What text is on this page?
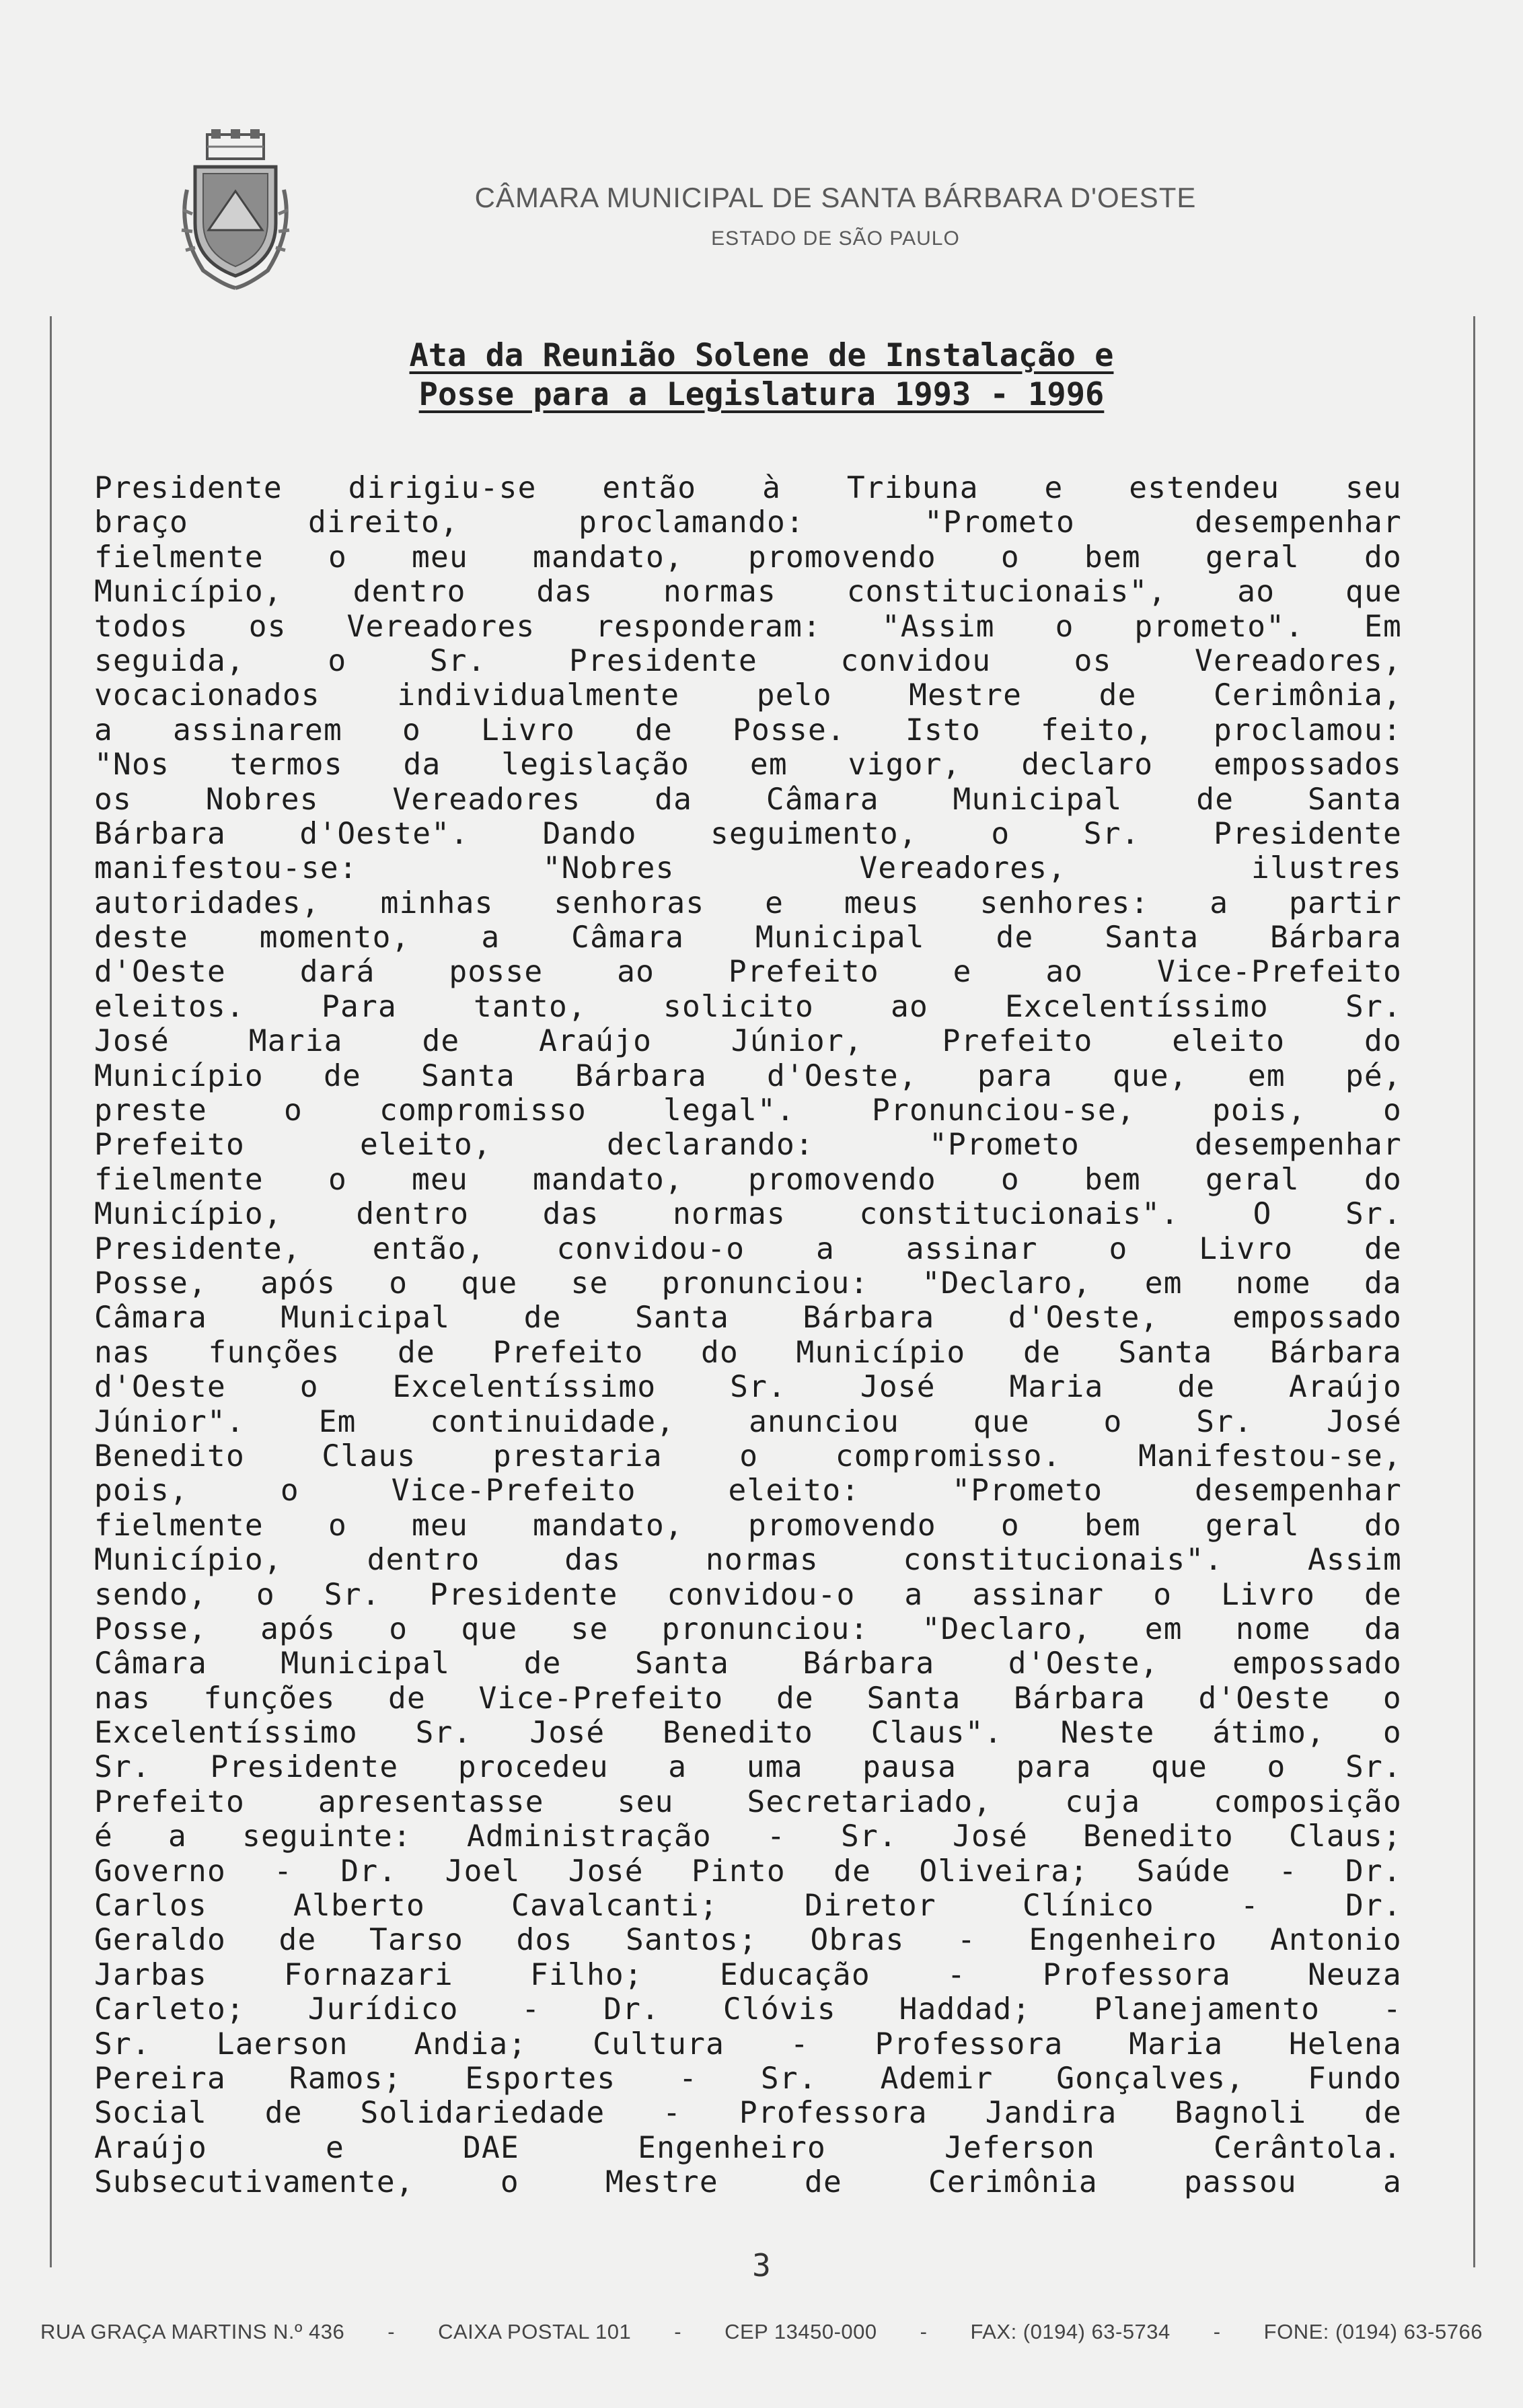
CÂMARA MUNICIPAL DE SANTA BÁRBARA D'OESTE
ESTADO DE SÃO PAULO
Ata da Reunião Solene de Instalação e
Posse para a Legislatura 1993 - 1996
Presidente dirigiu-se então à Tribuna e estendeu seu
braço	direito,	proclamando:	"Prometo	desempenhar
fielmente o meu mandato, promovendo o bem geral do
Município, dentro das normas constitucionais", ao que
todos os Vereadores responderam: "Assim o prometo". Em
seguida,	o	Sr.	Presidente	convidou	os	Vereadores,
vocacionados	individualmente	pelo	Mestre	de	Cerimônia,
a assinarem o Livro de Posse. Isto feito, proclamou:
"Nos termos da legislação em vigor, declaro empossados
os Nobres Vereadores da Câmara Municipal de Santa
Bárbara d'Oeste". Dando seguimento, o Sr. Presidente
manifestou-se:	"Nobres	Vereadores,	ilustres
autoridades, minhas senhoras e meus senhores: a partir
deste momento, a Câmara Municipal de Santa Bárbara
d'Oeste dará posse ao Prefeito e ao Vice-Prefeito
eleitos.	Para	tanto,	solicito	ao	Excelentíssimo	Sr.
José	Maria	de	Araújo	Júnior,	Prefeito	eleito	do
Município de Santa Bárbara d'Oeste, para que, em pé,
preste	o	compromisso	legal".	Pronunciou-se,	pois,	o
Prefeito	eleito,	declarando:	"Prometo	desempenhar
fielmente o meu mandato, promovendo o bem geral do
Município, dentro das normas constitucionais". O Sr.
Presidente, então, convidou-o a assinar o Livro de
Posse, após o que se pronunciou: "Declaro, em nome da
Câmara Municipal de Santa Bárbara d'Oeste, empossado
nas funções de Prefeito do Município de Santa Bárbara
d'Oeste o Excelentíssimo Sr. José Maria de Araújo
Júnior". Em continuidade, anunciou que o Sr. José
Benedito	Claus	prestaria	o	compromisso.	Manifestou-se,
pois,	o	Vice-Prefeito	eleito:	"Prometo	desempenhar
fielmente o meu mandato, promovendo o bem geral do
Município,	dentro	das	normas	constitucionais".	Assim
sendo, o Sr. Presidente convidou-o a assinar o Livro de
Posse, após o que se pronunciou: "Declaro, em nome da
Câmara Municipal de Santa Bárbara d'Oeste, empossado
nas funções de Vice-Prefeito de Santa Bárbara d'Oeste o
Excelentíssimo Sr. José Benedito Claus". Neste átimo, o
Sr. Presidente procedeu a uma pausa para que o Sr.
Prefeito apresentasse seu Secretariado, cuja composição
é a seguinte: Administração - Sr. José Benedito Claus;
Governo - Dr. Joel José Pinto de Oliveira; Saúde - Dr.
Carlos	Alberto	Cavalcanti;	Diretor	Clínico	-	Dr.
Geraldo de Tarso dos Santos; Obras - Engenheiro Antonio
Jarbas	Fornazari	Filho;	Educação	-	Professora	Neuza
Carleto; Jurídico - Dr. Clóvis Haddad; Planejamento -
Sr. Laerson Andia; Cultura - Professora Maria Helena
Pereira Ramos; Esportes - Sr. Ademir Gonçalves, Fundo
Social de Solidariedade - Professora Jandira Bagnoli de
Araújo	e	DAE	Engenheiro	Jeferson	Cerântola.
Subsecutivamente,	o	Mestre	de	Cerimônia	passou	a
3
RUA GRAÇA MARTINS N.º 436 - CAIXA POSTAL 101 - CEP 13450-000 - FAX: (0194) 63-5734 - FONE: (0194) 63-5766
